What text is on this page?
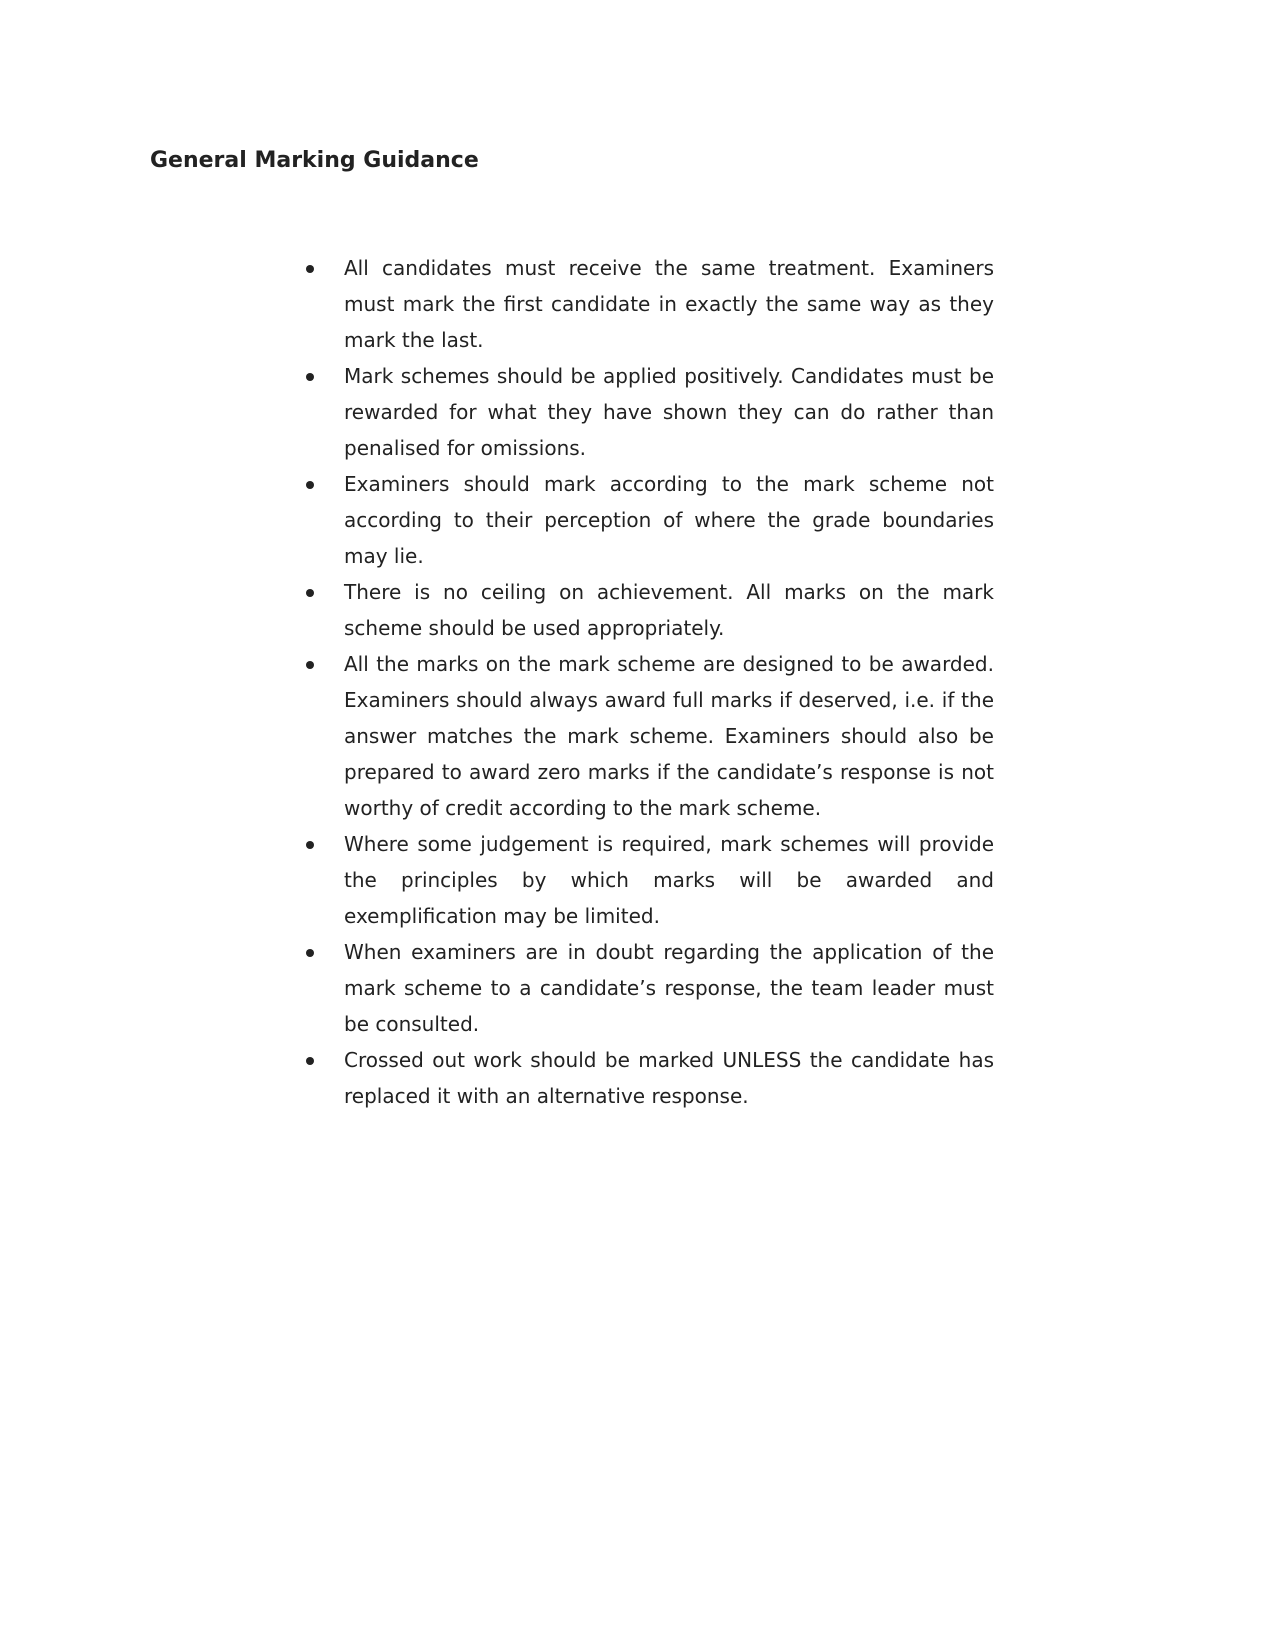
General Marking Guidance
All candidates must receive the same treatment. Examiners must mark the first candidate in exactly the same way as they mark the last.
Mark schemes should be applied positively. Candidates must be rewarded for what they have shown they can do rather than penalised for omissions.
Examiners should mark according to the mark scheme not according to their perception of where the grade boundaries may lie.
There is no ceiling on achievement. All marks on the mark scheme should be used appropriately.
All the marks on the mark scheme are designed to be awarded. Examiners should always award full marks if deserved, i.e. if the answer matches the mark scheme. Examiners should also be prepared to award zero marks if the candidate’s response is not worthy of credit according to the mark scheme.
Where some judgement is required, mark schemes will provide the principles by which marks will be awarded and exemplification may be limited.
When examiners are in doubt regarding the application of the mark scheme to a candidate’s response, the team leader must be consulted.
Crossed out work should be marked UNLESS the candidate has replaced it with an alternative response.
